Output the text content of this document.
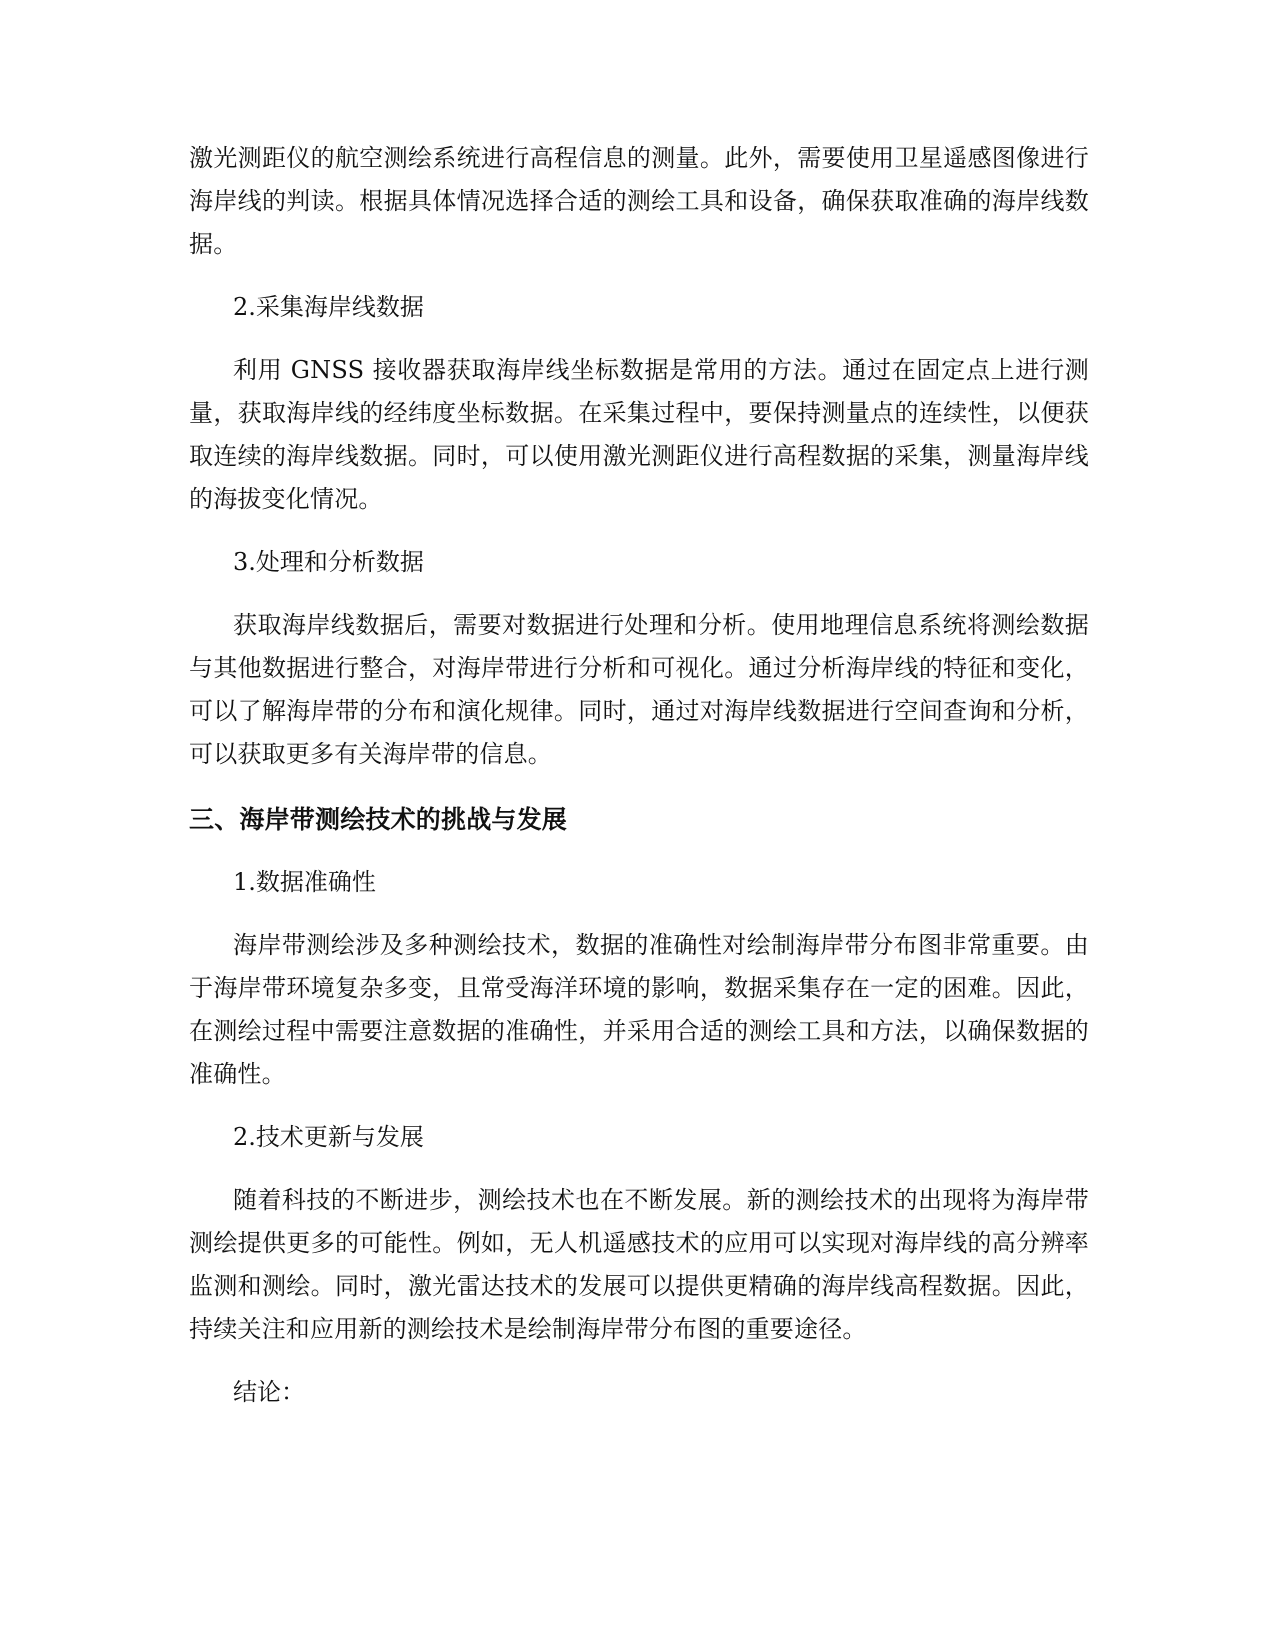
激光测距仪的航空测绘系统进行高程信息的测量。此外，需要使用卫星遥感图像进行海岸线的判读。根据具体情况选择合适的测绘工具和设备，确保获取准确的海岸线数据。

2.采集海岸线数据

利用 GNSS 接收器获取海岸线坐标数据是常用的方法。通过在固定点上进行测量，获取海岸线的经纬度坐标数据。在采集过程中，要保持测量点的连续性，以便获取连续的海岸线数据。同时，可以使用激光测距仪进行高程数据的采集，测量海岸线的海拔变化情况。

3.处理和分析数据

获取海岸线数据后，需要对数据进行处理和分析。使用地理信息系统将测绘数据与其他数据进行整合，对海岸带进行分析和可视化。通过分析海岸线的特征和变化，可以了解海岸带的分布和演化规律。同时，通过对海岸线数据进行空间查询和分析，可以获取更多有关海岸带的信息。

三、海岸带测绘技术的挑战与发展

1.数据准确性

海岸带测绘涉及多种测绘技术，数据的准确性对绘制海岸带分布图非常重要。由于海岸带环境复杂多变，且常受海洋环境的影响，数据采集存在一定的困难。因此，在测绘过程中需要注意数据的准确性，并采用合适的测绘工具和方法，以确保数据的准确性。

2.技术更新与发展

随着科技的不断进步，测绘技术也在不断发展。新的测绘技术的出现将为海岸带测绘提供更多的可能性。例如，无人机遥感技术的应用可以实现对海岸线的高分辨率监测和测绘。同时，激光雷达技术的发展可以提供更精确的海岸线高程数据。因此，持续关注和应用新的测绘技术是绘制海岸带分布图的重要途径。

结论：
